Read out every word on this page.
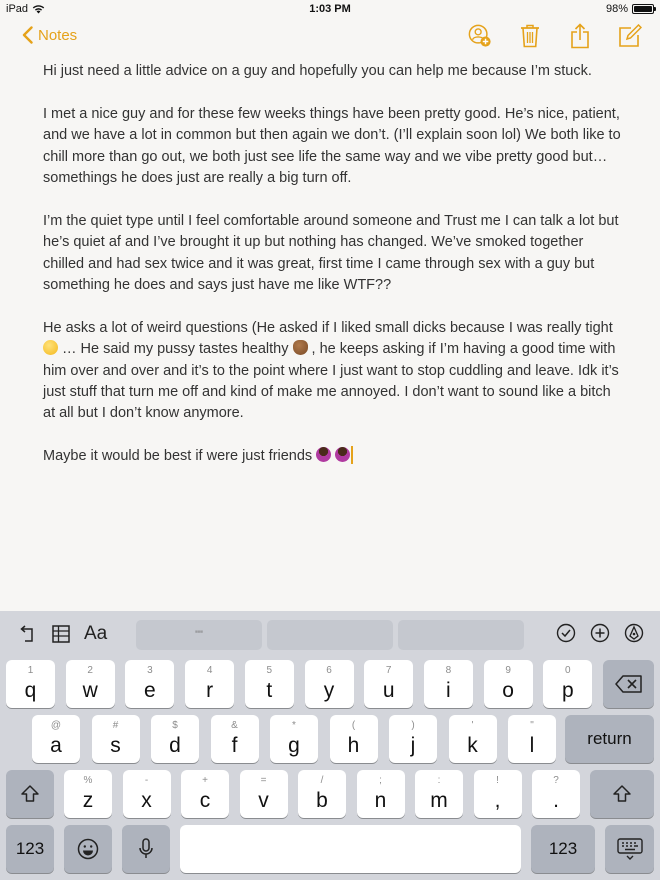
iPad	1:03 PM	98%
Notes

Hi just need a little advice on a guy and hopefully you can help me because I’m stuck.

I met a nice guy and for these few weeks things have been pretty good. He’s nice, patient, and we have a lot in common but then again we don’t. (I’ll explain soon lol) We both like to chill more than go out, we both just see life the same way and we vibe pretty good but… somethings he does just are really a big turn off.

I’m the quiet type until I feel comfortable around someone and Trust me I can talk a lot but he’s quiet af and I’ve brought it up but nothing has changed. We’ve smoked together chilled and had sex twice and it was great, first time I came through sex with a guy but something he does and says just have me like WTF??

He asks a lot of weird questions (He asked if I liked small dicks because I was really tight  … He said my pussy tastes healthy  , he keeps asking if I’m having a good time with him over and over and it’s to the point where I just want to stop cuddling and leave. Idk it’s just stuff that turn me off and kind of make me annoyed. I don’t want to sound like a bitch at all but I don’t know anymore.

Maybe it would be best if were just friends

Aa	""
1
q
2
w
3
e
4
r
5
t
6
y
7
u
8
i
9
o
0
p
@
a
#
s
$
d
&
f
*
g
(
h
)
j
'
k
"
l	return
%
z
-
x
+
c
=
v
/
b
;
n
:
m
!
,
?
.
123	123
